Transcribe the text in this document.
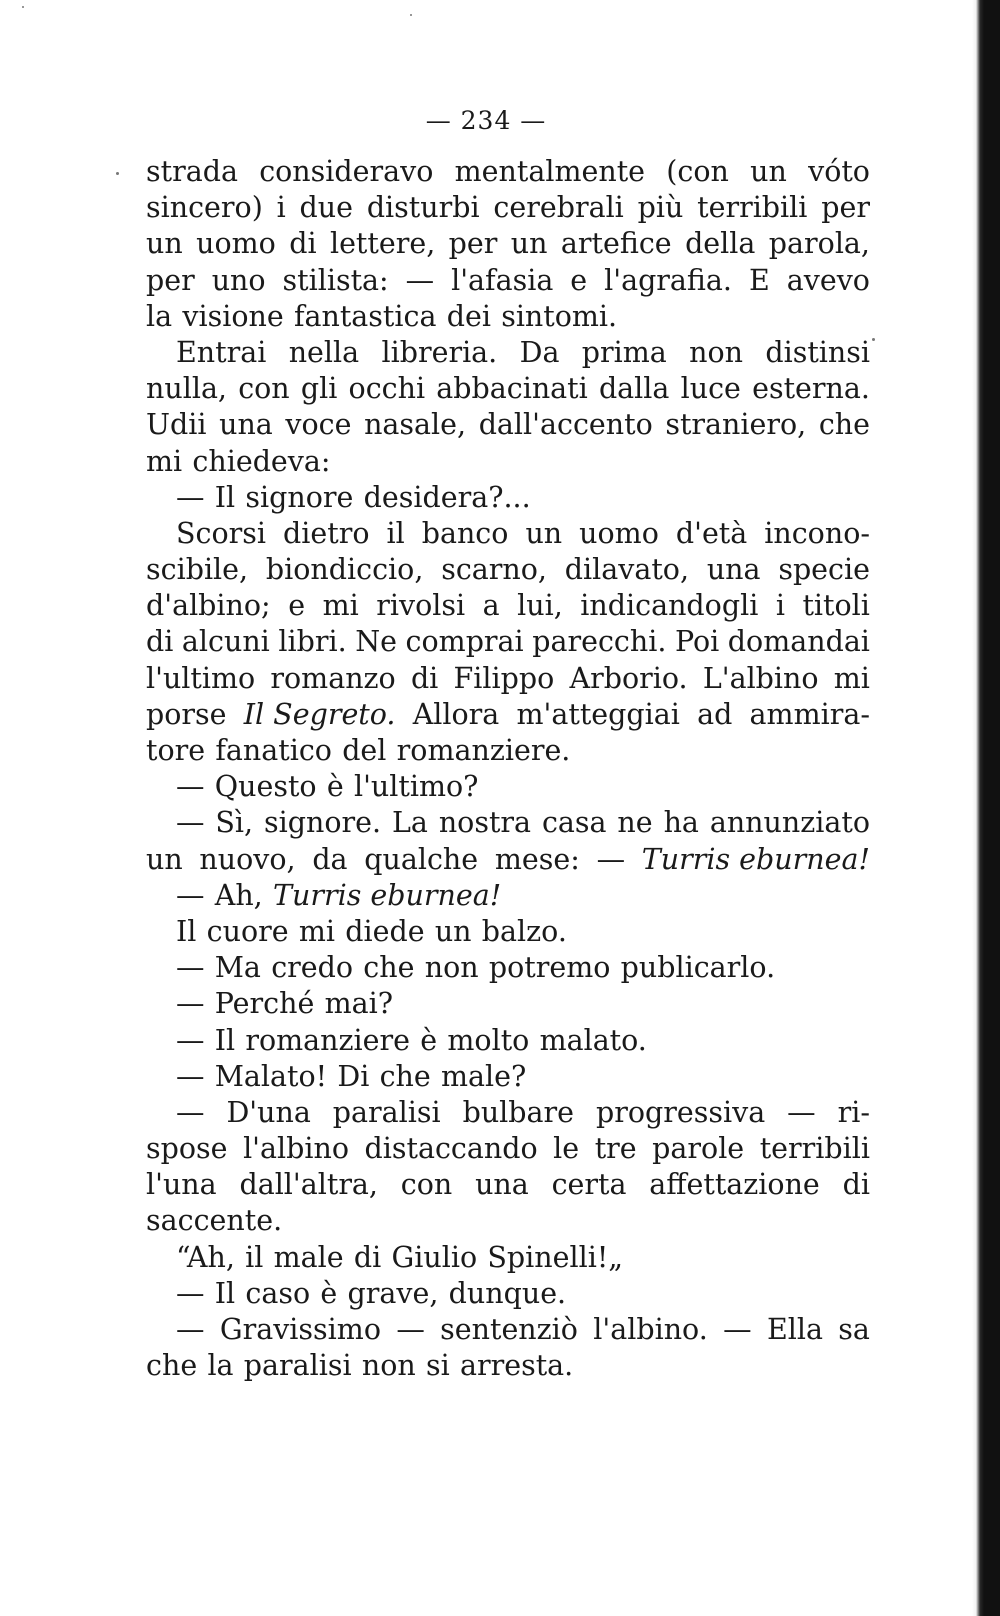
— 234 —
strada consideravo mentalmente (con un vóto
sincero) i due disturbi cerebrali più terribili per
un uomo di lettere, per un artefice della parola,
per uno stilista: — l'afasia e l'agrafia. E avevo
la visione fantastica dei sintomi.
Entrai nella libreria. Da prima non distinsi
nulla, con gli occhi abbacinati dalla luce esterna.
Udii una voce nasale, dall'accento straniero, che
mi chiedeva:
— Il signore desidera?...
Scorsi dietro il banco un uomo d'età incono-
scibile, biondiccio, scarno, dilavato, una specie
d'albino; e mi rivolsi a lui, indicandogli i titoli
di alcuni libri. Ne comprai parecchi. Poi domandai
l'ultimo romanzo di Filippo Arborio. L'albino mi
porse Il Segreto. Allora m'atteggiai ad ammira-
tore fanatico del romanziere.
— Questo è l'ultimo?
— Sì, signore. La nostra casa ne ha annunziato
un nuovo, da qualche mese: — Turris eburnea!
— Ah, Turris eburnea!
Il cuore mi diede un balzo.
— Ma credo che non potremo publicarlo.
— Perché mai?
— Il romanziere è molto malato.
— Malato! Di che male?
— D'una paralisi bulbare progressiva — ri-
spose l'albino distaccando le tre parole terribili
l'una dall'altra, con una certa affettazione di
saccente.
“Ah, il male di Giulio Spinelli!„
— Il caso è grave, dunque.
— Gravissimo — sentenziò l'albino. — Ella sa
che la paralisi non si arresta.
